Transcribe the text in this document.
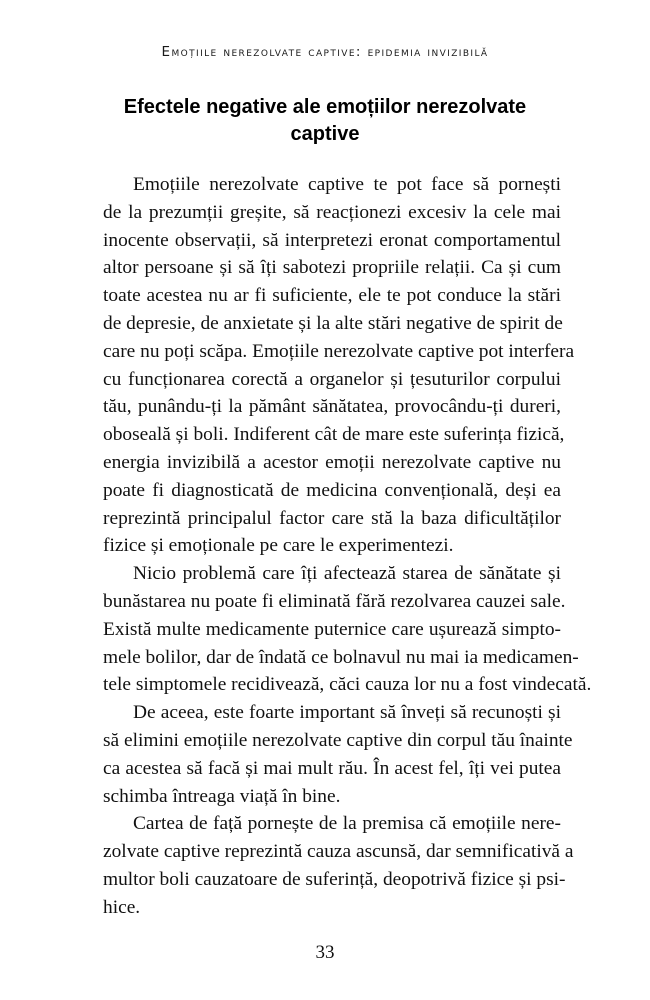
Emoțiile nerezolvate captive: epidemia invizibilă
Efectele negative ale emoțiilor nerezolvate
captive
Emoțiile nerezolvate captive te pot face să pornești
de la prezumții greșite, să reacționezi excesiv la cele mai
inocente observații, să interpretezi eronat comportamentul
altor persoane și să îți sabotezi propriile relații. Ca și cum
toate acestea nu ar fi suficiente, ele te pot conduce la stări
de depresie, de anxietate și la alte stări negative de spirit de
care nu poți scăpa. Emoțiile nerezolvate captive pot interfera
cu funcționarea corectă a organelor și țesuturilor corpului
tău, punându-ți la pământ sănătatea, provocându-ți dureri,
oboseală și boli. Indiferent cât de mare este suferința fizică,
energia invizibilă a acestor emoții nerezolvate captive nu
poate fi diagnosticată de medicina convențională, deși ea
reprezintă principalul factor care stă la baza dificultăților
fizice și emoționale pe care le experimentezi.
Nicio problemă care îți afectează starea de sănătate și
bunăstarea nu poate fi eliminată fără rezolvarea cauzei sale.
Există multe medicamente puternice care ușurează simpto-
mele bolilor, dar de îndată ce bolnavul nu mai ia medicamen-
tele simptomele recidivează, căci cauza lor nu a fost vindecată.
De aceea, este foarte important să înveți să recunoști și
să elimini emoțiile nerezolvate captive din corpul tău înainte
ca acestea să facă și mai mult rău. În acest fel, îți vei putea
schimba întreaga viață în bine.
Cartea de față pornește de la premisa că emoțiile nere-
zolvate captive reprezintă cauza ascunsă, dar semnificativă a
multor boli cauzatoare de suferință, deopotrivă fizice și psi-
hice.
33
